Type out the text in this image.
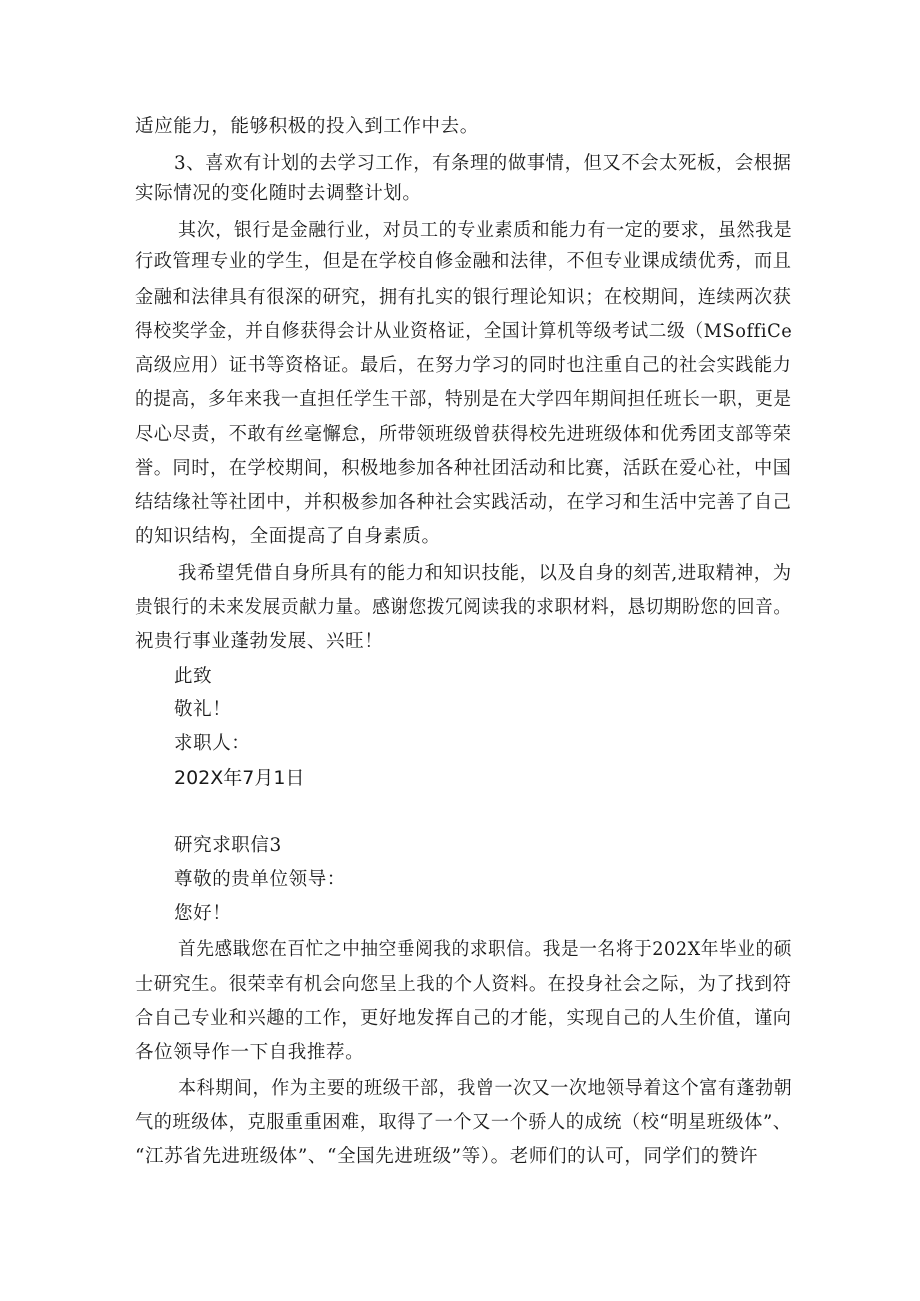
适应能力，能够积极的投入到工作中去。
3、喜欢有计划的去学习工作，有条理的做事情，但又不会太死板，会根据
实际情况的变化随时去调整计划。
其次，银行是金融行业，对员工的专业素质和能力有一定的要求，虽然我是
行政管理专业的学生，但是在学校自修金融和法律，不但专业课成绩优秀，而且
金融和法律具有很深的研究，拥有扎实的银行理论知识；在校期间，连续两次获
得校奖学金，并自修获得会计从业资格证，全国计算机等级考试二级（MSoffiCe
高级应用）证书等资格证。最后，在努力学习的同时也注重自己的社会实践能力
的提高，多年来我一直担任学生干部，特别是在大学四年期间担任班长一职，更是
尽心尽责，不敢有丝毫懈怠，所带领班级曾获得校先进班级体和优秀团支部等荣
誉。同时，在学校期间，积极地参加各种社团活动和比赛，活跃在爱心社，中国
结结缘社等社团中，并积极参加各种社会实践活动，在学习和生活中完善了自己
的知识结构，全面提高了自身素质。
我希望凭借自身所具有的能力和知识技能，以及自身的刻苦,进取精神，为
贵银行的未来发展贡献力量。感谢您拨冗阅读我的求职材料，恳切期盼您的回音。
祝贵行事业蓬勃发展、兴旺！
此致
敬礼！
求职人：
202X年7月1日
研究求职信3
尊敬的贵单位领导：
您好！
首先感戢您在百忙之中抽空垂阅我的求职信。我是一名将于202X年毕业的硕
士研究生。很荣幸有机会向您呈上我的个人资料。在投身社会之际，为了找到符
合自己专业和兴趣的工作，更好地发挥自己的才能，实现自己的人生价值，谨向
各位领导作一下自我推荐。
本科期间，作为主要的班级干部，我曾一次又一次地领导着这个富有蓬勃朝
气的班级体，克服重重困难，取得了一个又一个骄人的成统（校“明星班级体”、
“江苏省先进班级体”、“全国先进班级”等）。老师们的认可，同学们的赞许
